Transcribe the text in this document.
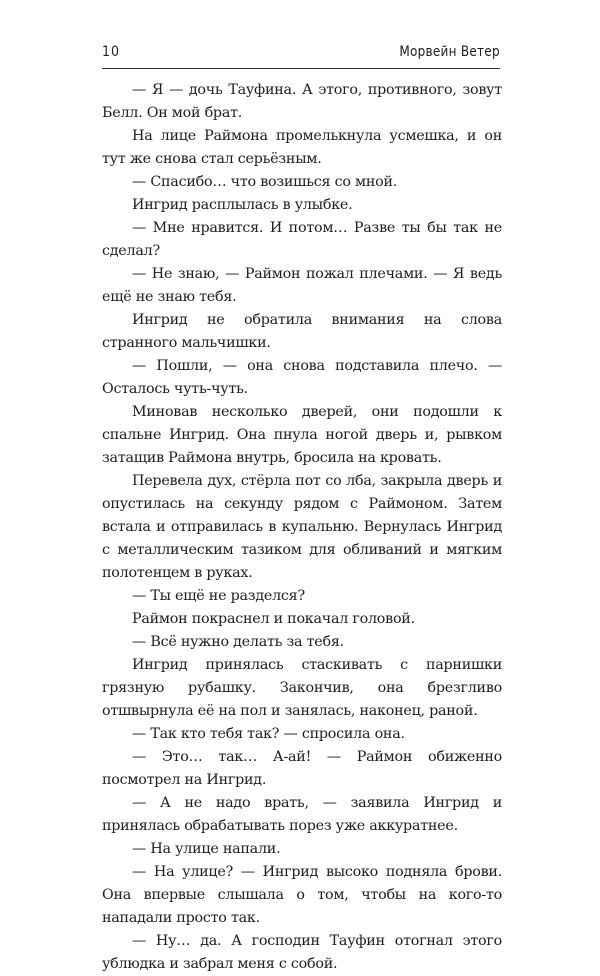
10	Морвейн Ветер

— Я — дочь Тауфина. А этого, противного, зовут Белл. Он мой брат.

На лице Раймона промелькнула усмешка, и он тут же снова стал серьёзным.

— Спасибо… что возишься со мной.

Ингрид расплылась в улыбке.

— Мне нравится. И потом… Разве ты бы так не сделал?

— Не знаю, — Раймон пожал плечами. — Я ведь ещё не знаю тебя.

Ингрид не обратила внимания на слова странного мальчишки.

— Пошли, — она снова подставила плечо. — Осталось чуть-чуть.

Миновав несколько дверей, они подошли к спальне Ингрид. Она пнула ногой дверь и, рывком затащив Раймона внутрь, бросила на кровать.

Перевела дух, стёрла пот со лба, закрыла дверь и опустилась на секунду рядом с Раймоном. Затем встала и отправилась в купальню. Вернулась Ингрид с металлическим тазиком для обливаний и мягким полотенцем в руках.

— Ты ещё не разделся?

Раймон покраснел и покачал головой.

— Всё нужно делать за тебя.

Ингрид принялась стаскивать с парнишки грязную рубашку. Закончив, она брезгливо отшвырнула её на пол и занялась, наконец, раной.

— Так кто тебя так? — спросила она.

— Это… так… А-ай! — Раймон обиженно посмотрел на Ингрид.

— А не надо врать, — заявила Ингрид и принялась обрабатывать порез уже аккуратнее.

— На улице напали.

— На улице? — Ингрид высоко подняла брови. Она впервые слышала о том, чтобы на кого-то нападали просто так.

— Ну… да. А господин Тауфин отогнал этого ублюдка и забрал меня с собой.
